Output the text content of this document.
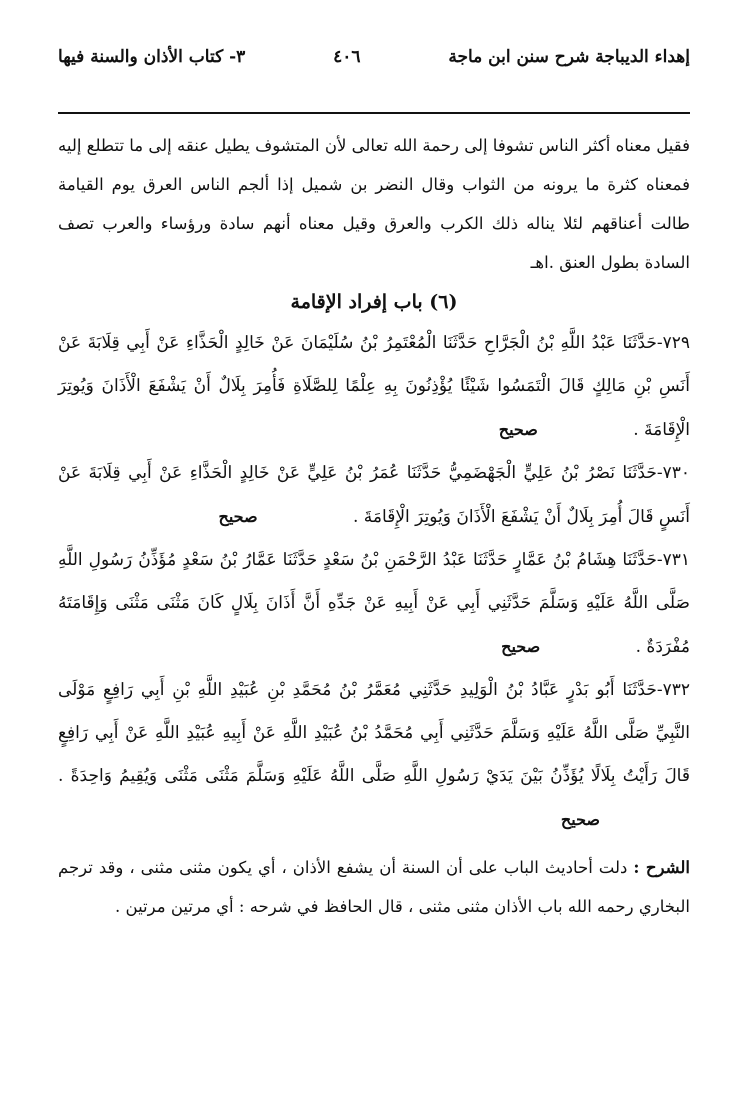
إهداء الديباجة شرح سنن ابن ماجة
٤٠٦
٣- كتاب الأذان والسنة فيها

فقيل معناه أكثر الناس تشوفا إلى رحمة الله تعالى لأن المتشوف يطيل عنقه إلى ما تتطلع إليه فمعناه كثرة ما يرونه من الثواب وقال النضر بن شميل إذا ألجم الناس العرق يوم القيامة طالت أعناقهم لئلا يناله ذلك الكرب والعرق وقيل معناه أنهم سادة ورؤساء والعرب تصف السادة بطول العنق .اهـ

(٦) باب إفراد الإقامة

٧٢٩-حَدَّثَنَا عَبْدُ اللَّهِ بْنُ الْجَرَّاحِ حَدَّثَنَا الْمُعْتَمِرُ بْنُ سُلَيْمَانَ عَنْ خَالِدٍ الْحَذَّاءِ عَنْ أَبِي قِلَابَةَ عَنْ أَنَسِ بْنِ مَالِكٍ قَالَ الْتَمَسُوا شَيْئًا يُؤْذِنُونَ بِهِ عِلْمًا لِلصَّلَاةِ فَأُمِرَ بِلَالٌ أَنْ يَشْفَعَ الْأَذَانَ وَيُوتِرَ الْإِقَامَةَ . صحيح

٧٣٠-حَدَّثَنَا نَصْرُ بْنُ عَلِيٍّ الْجَهْضَمِيُّ حَدَّثَنَا عُمَرُ بْنُ عَلِيٍّ عَنْ خَالِدٍ الْحَذَّاءِ عَنْ أَبِي قِلَابَةَ عَنْ أَنَسٍ قَالَ أُمِرَ بِلَالٌ أَنْ يَشْفَعَ الْأَذَانَ وَيُوتِرَ الْإِقَامَةَ . صحيح

٧٣١-حَدَّثَنَا هِشَامُ بْنُ عَمَّارٍ حَدَّثَنَا عَبْدُ الرَّحْمَنِ بْنُ سَعْدٍ حَدَّثَنَا عَمَّارُ بْنُ سَعْدٍ مُؤَذِّنُ رَسُولِ اللَّهِ صَلَّى اللَّهُ عَلَيْهِ وَسَلَّمَ حَدَّثَنِي أَبِي عَنْ أَبِيهِ عَنْ جَدِّهِ أَنَّ أَذَانَ بِلَالٍ كَانَ مَثْنَى مَثْنَى وَإِقَامَتَهُ مُفْرَدَةٌ . صحيح

٧٣٢-حَدَّثَنَا أَبُو بَدْرٍ عَبَّادُ بْنُ الْوَلِيدِ حَدَّثَنِي مُعَمَّرُ بْنُ مُحَمَّدِ بْنِ عُبَيْدِ اللَّهِ بْنِ أَبِي رَافِعٍ مَوْلَى النَّبِيِّ صَلَّى اللَّهُ عَلَيْهِ وَسَلَّمَ حَدَّثَنِي أَبِي مُحَمَّدُ بْنُ عُبَيْدِ اللَّهِ عَنْ أَبِيهِ عُبَيْدِ اللَّهِ عَنْ أَبِي رَافِعٍ قَالَ رَأَيْتُ بِلَالًا يُؤَذِّنُ بَيْنَ يَدَيْ رَسُولِ اللَّهِ صَلَّى اللَّهُ عَلَيْهِ وَسَلَّمَ مَثْنَى مَثْنَى وَيُقِيمُ وَاحِدَةً . صحيح

الشرح : دلت أحاديث الباب على أن السنة أن يشفع الأذان ، أي يكون مثنى مثنى ، وقد ترجم البخاري رحمه الله باب الأذان مثنى مثنى ، قال الحافظ في شرحه : أي مرتين مرتين .
